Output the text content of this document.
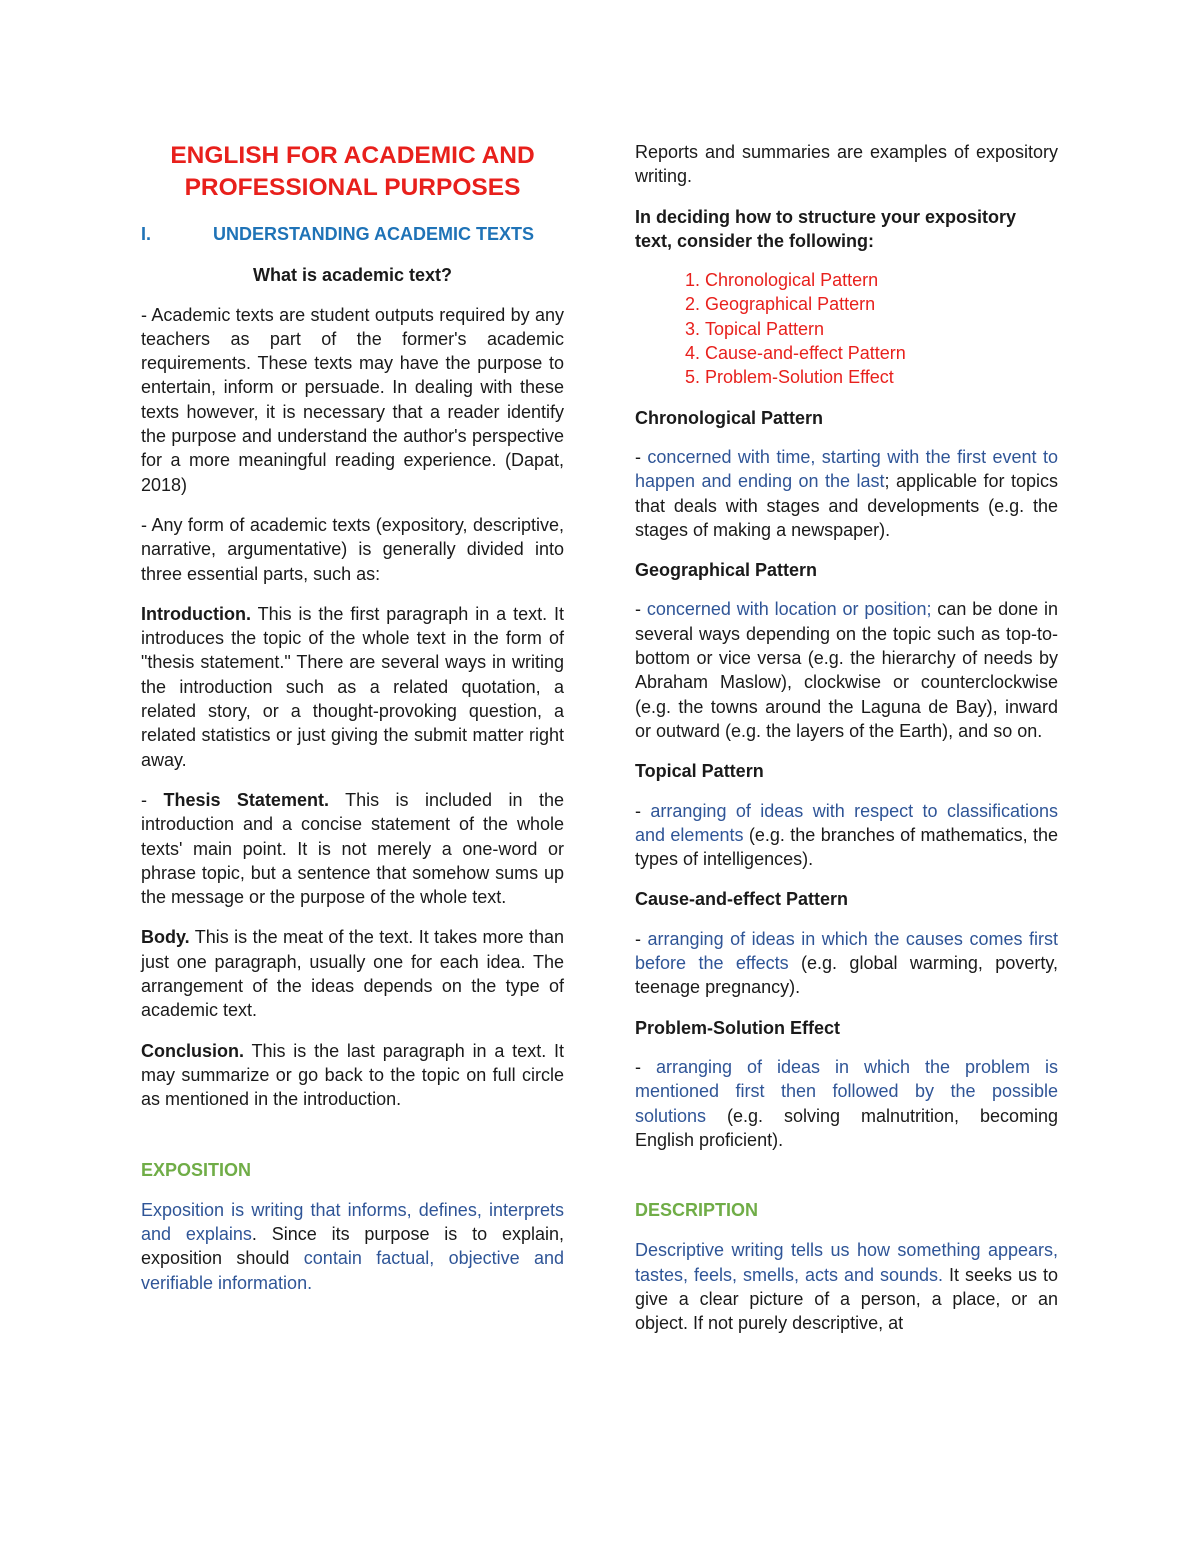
ENGLISH FOR ACADEMIC AND
PROFESSIONAL PURPOSES
I.	UNDERSTANDING ACADEMIC TEXTS

What is academic text?

- Academic texts are student outputs required by any teachers as part of the former's academic requirements. These texts may have the purpose to entertain, inform or persuade. In dealing with these texts however, it is necessary that a reader identify the purpose and understand the author's perspective for a more meaningful reading experience. (Dapat, 2018)

- Any form of academic texts (expository, descriptive, narrative, argumentative) is generally divided into three essential parts, such as:

Introduction. This is the first paragraph in a text. It introduces the topic of the whole text in the form of "thesis statement." There are several ways in writing the introduction such as a related quotation, a related story, or a thought-provoking question, a related statistics or just giving the submit matter right away.

- Thesis Statement. This is included in the introduction and a concise statement of the whole texts' main point. It is not merely a one-word or phrase topic, but a sentence that somehow sums up the message or the purpose of the whole text.

Body. This is the meat of the text. It takes more than just one paragraph, usually one for each idea. The arrangement of the ideas depends on the type of academic text.

Conclusion. This is the last paragraph in a text. It may summarize or go back to the topic on full circle as mentioned in the introduction.

EXPOSITION

Exposition is writing that informs, defines, interprets and explains. Since its purpose is to explain, exposition should contain factual, objective and verifiable information.

Reports and summaries are examples of expository writing.

In deciding how to structure your expository text, consider the following:

1. Chronological Pattern
2. Geographical Pattern
3. Topical Pattern
4. Cause-and-effect Pattern
5. Problem-Solution Effect

Chronological Pattern

- concerned with time, starting with the first event to happen and ending on the last; applicable for topics that deals with stages and developments (e.g. the stages of making a newspaper).

Geographical Pattern

- concerned with location or position; can be done in several ways depending on the topic such as top-to-bottom or vice versa (e.g. the hierarchy of needs by Abraham Maslow), clockwise or counterclockwise (e.g. the towns around the Laguna de Bay), inward or outward (e.g. the layers of the Earth), and so on.

Topical Pattern

- arranging of ideas with respect to classifications and elements (e.g. the branches of mathematics, the types of intelligences).

Cause-and-effect Pattern

- arranging of ideas in which the causes comes first before the effects (e.g. global warming, poverty, teenage pregnancy).

Problem-Solution Effect

- arranging of ideas in which the problem is mentioned first then followed by the possible solutions (e.g. solving malnutrition, becoming English proficient).

DESCRIPTION

Descriptive writing tells us how something appears, tastes, feels, smells, acts and sounds. It seeks us to give a clear picture of a person, a place, or an object. If not purely descriptive, at
